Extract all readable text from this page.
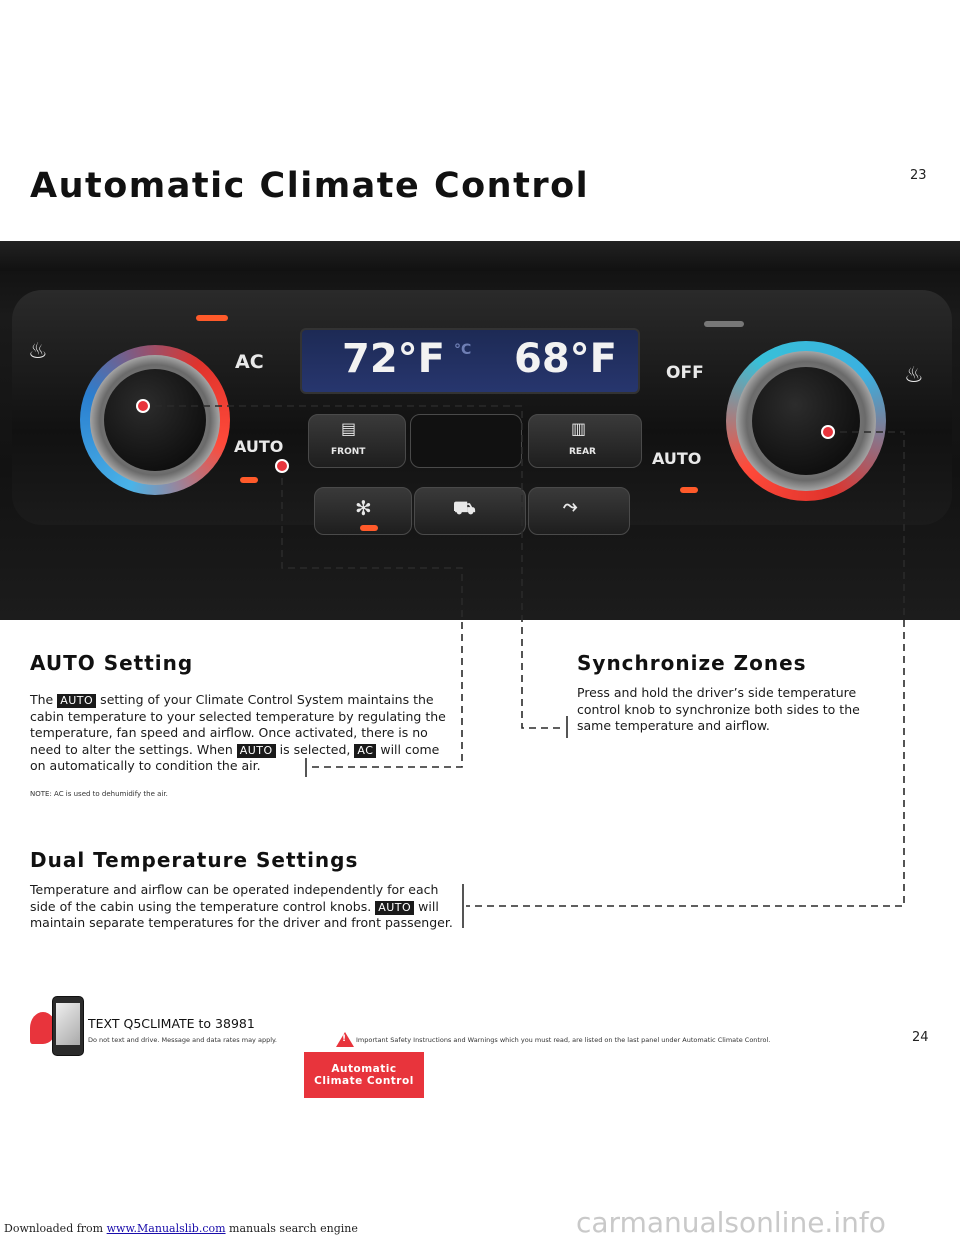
23
Automatic Climate Control
♨
♨
72°F °C 68°F
AC
AUTO
▤
FRONT
▥
REAR
OFF
AUTO
✻	⛟	⤳
AUTO Setting
The AUTO setting of your Climate Control System maintains the cabin temperature to your selected temperature by regulating the temperature, fan speed and airflow. Once activated, there is no need to alter the settings. When AUTO is selected, AC will come on automatically to condition the air.
NOTE: AC is used to dehumidify the air.
Synchronize Zones
Press and hold the driver’s side temperature control knob to synchronize both sides to the same temperature and airflow.
Dual Temperature Settings
Temperature and airflow can be operated independently for each side of the cabin using the temperature control knobs. AUTO will maintain separate temperatures for the driver and front passenger.
TEXT Q5CLIMATE to 38981
Do not text and drive. Message and data rates may apply.	! Important Safety Instructions and Warnings which you must read, are listed on the last panel under Automatic Climate Control.	24
Automatic
Climate Control
Downloaded from www.Manualslib.com manuals search engine	carmanualsonline.info
